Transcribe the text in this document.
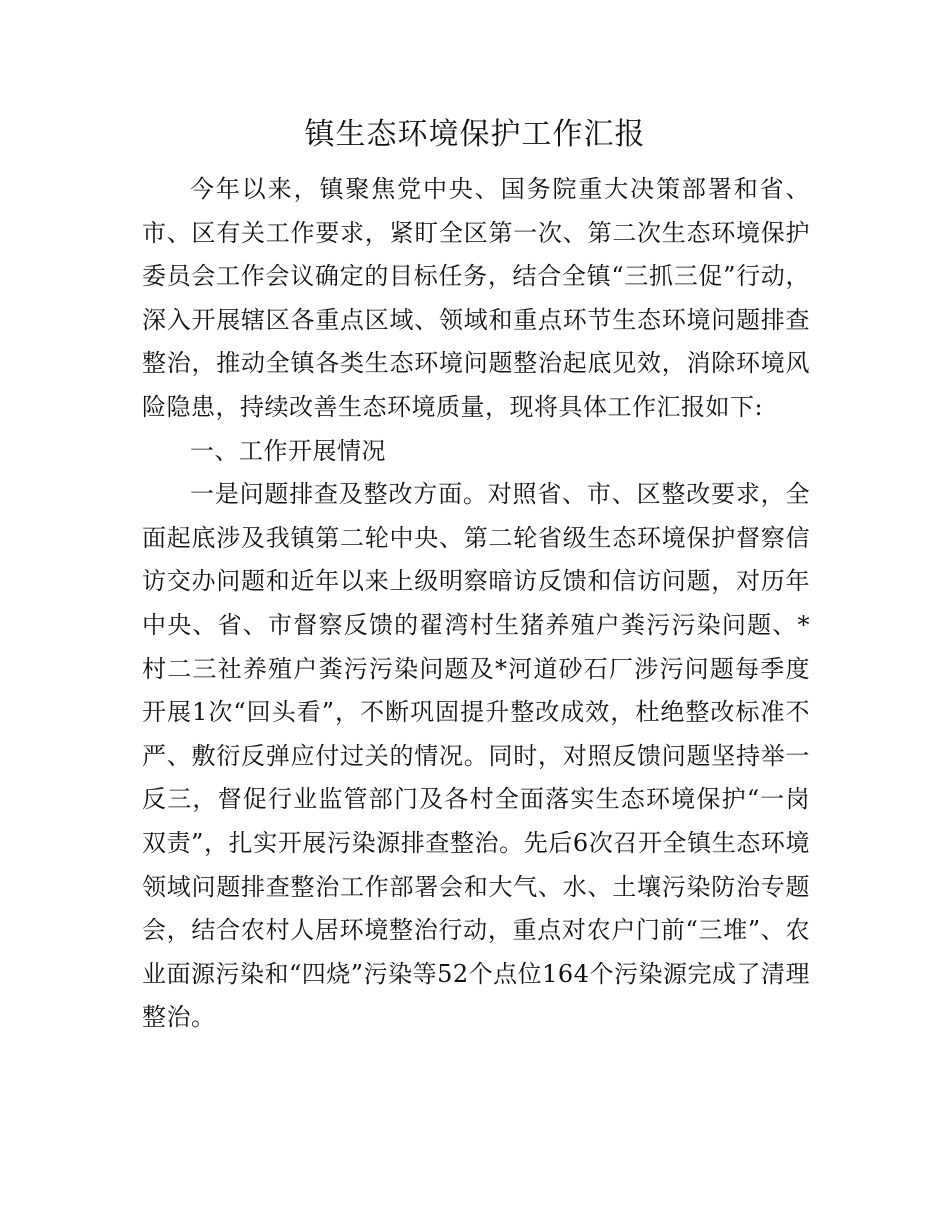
镇生态环境保护工作汇报

今年以来，镇聚焦党中央、国务院重大决策部署和省、市、区有关工作要求，紧盯全区第一次、第二次生态环境保护委员会工作会议确定的目标任务，结合全镇“三抓三促”行动，深入开展辖区各重点区域、领域和重点环节生态环境问题排查整治，推动全镇各类生态环境问题整治起底见效，消除环境风险隐患，持续改善生态环境质量，现将具体工作汇报如下:

一、工作开展情况

一是问题排查及整改方面。对照省、市、区整改要求，全面起底涉及我镇第二轮中央、第二轮省级生态环境保护督察信访交办问题和近年以来上级明察暗访反馈和信访问题，对历年中央、省、市督察反馈的翟湾村生猪养殖户粪污污染问题、*村二三社养殖户粪污污染问题及*河道砂石厂涉污问题每季度开展1次“回头看”，不断巩固提升整改成效，杜绝整改标准不严、敷衍反弹应付过关的情况。同时，对照反馈问题坚持举一反三，督促行业监管部门及各村全面落实生态环境保护“一岗双责”，扎实开展污染源排查整治。先后6次召开全镇生态环境领域问题排查整治工作部署会和大气、水、土壤污染防治专题会，结合农村人居环境整治行动，重点对农户门前“三堆”、农业面源污染和“四烧”污染等52个点位164个污染源完成了清理整治。
